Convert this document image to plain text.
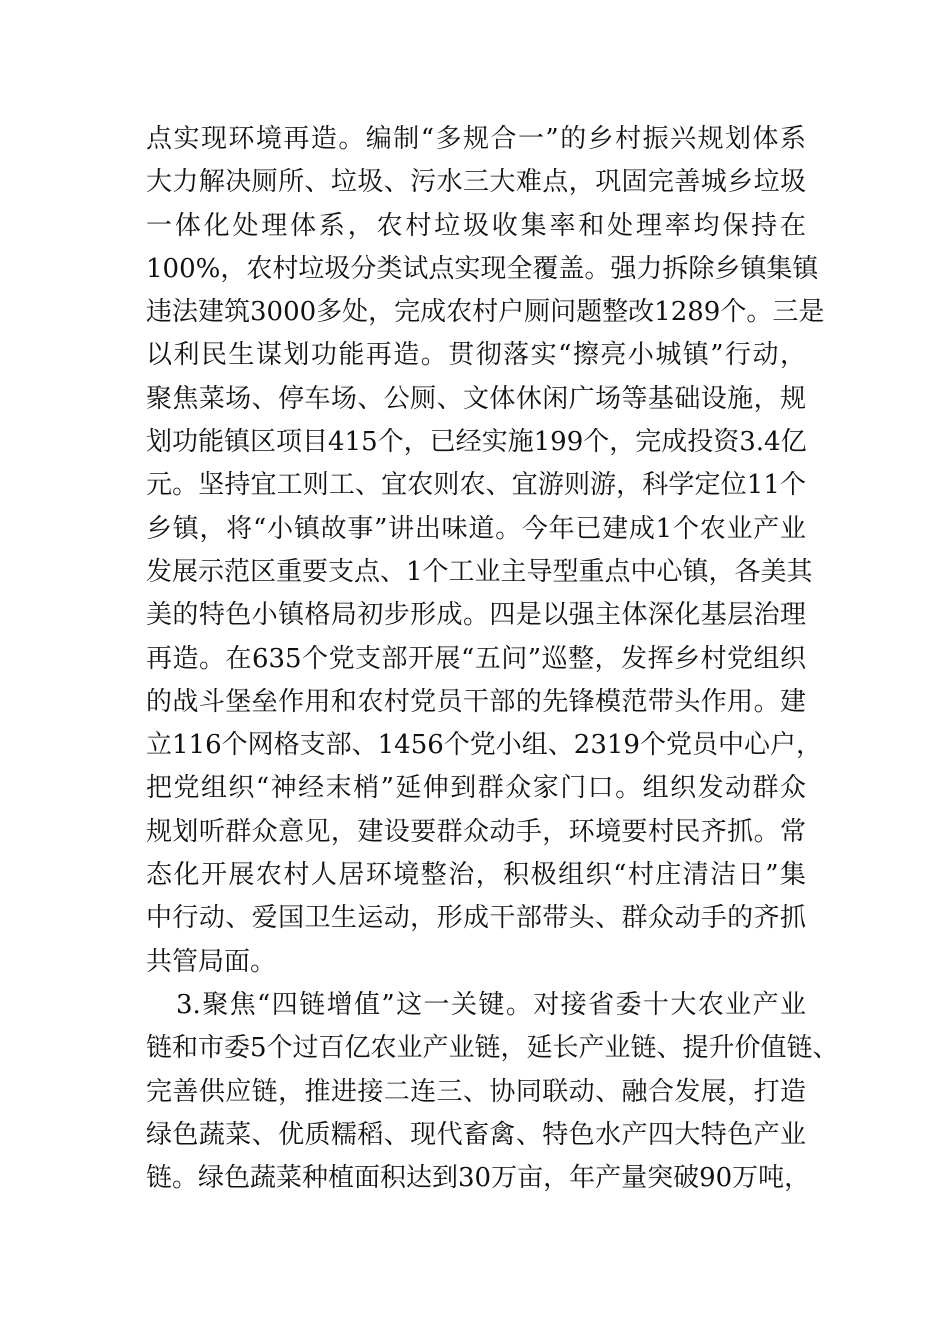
点实现环境再造。编制“多规合一”的乡村振兴规划体系
大力解决厕所、垃圾、污水三大难点，巩固完善城乡垃圾
一体化处理体系，农村垃圾收集率和处理率均保持在
100%，农村垃圾分类试点实现全覆盖。强力拆除乡镇集镇
违法建筑3000多处，完成农村户厕问题整改1289个。三是
以利民生谋划功能再造。贯彻落实“擦亮小城镇”行动，
聚焦菜场、停车场、公厕、文体休闲广场等基础设施，规
划功能镇区项目415个，已经实施199个，完成投资3.4亿
元。坚持宜工则工、宜农则农、宜游则游，科学定位11个
乡镇，将“小镇故事”讲出味道。今年已建成1个农业产业
发展示范区重要支点、1个工业主导型重点中心镇，各美其
美的特色小镇格局初步形成。四是以强主体深化基层治理
再造。在635个党支部开展“五问”巡整，发挥乡村党组织
的战斗堡垒作用和农村党员干部的先锋模范带头作用。建
立116个网格支部、1456个党小组、2319个党员中心户，
把党组织“神经末梢”延伸到群众家门口。组织发动群众
规划听群众意见，建设要群众动手，环境要村民齐抓。常
态化开展农村人居环境整治，积极组织“村庄清洁日”集
中行动、爱国卫生运动，形成干部带头、群众动手的齐抓
共管局面。
3.聚焦“四链增值”这一关键。对接省委十大农业产业
链和市委5个过百亿农业产业链，延长产业链、提升价值链、
完善供应链，推进接二连三、协同联动、融合发展，打造
绿色蔬菜、优质糯稻、现代畜禽、特色水产四大特色产业
链。绿色蔬菜种植面积达到30万亩，年产量突破90万吨，
